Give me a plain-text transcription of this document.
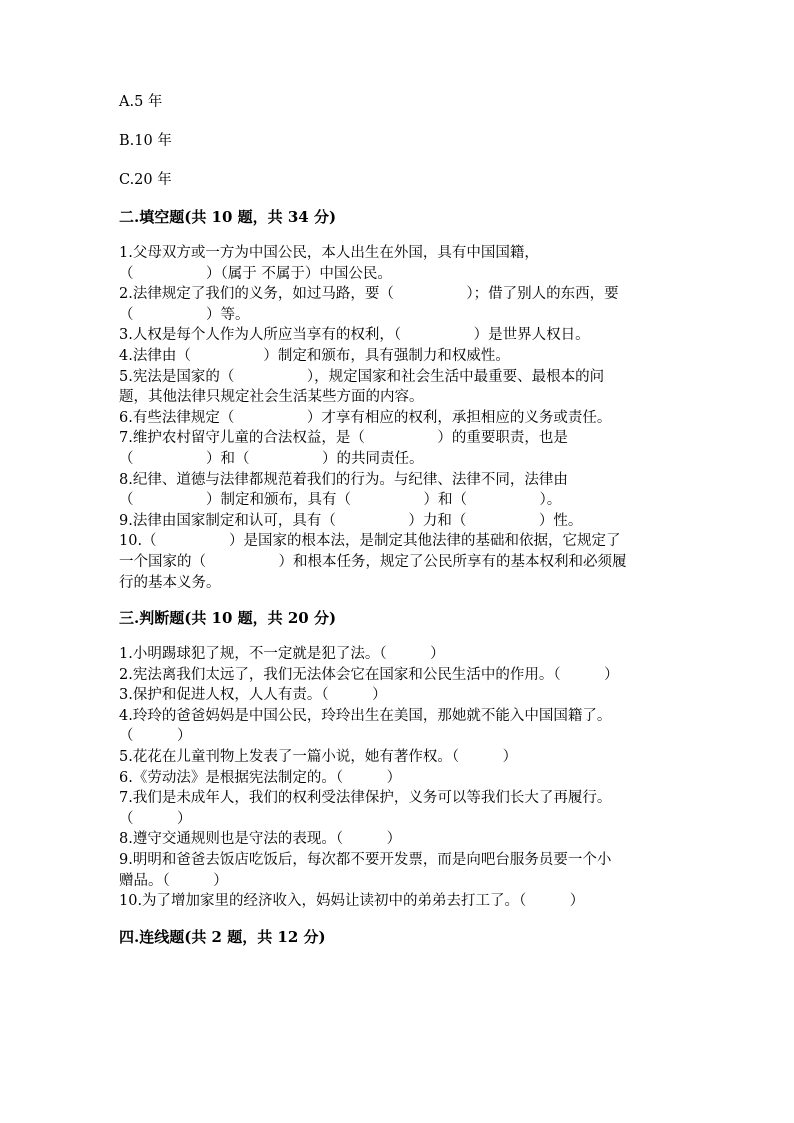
A.5 年

B.10 年

C.20 年

二.填空题(共 10 题，共 34 分)

1.父母双方或一方为中国公民，本人出生在外国，具有中国国籍，

（　　　　　）（属于 不属于）中国公民。

2.法律规定了我们的义务，如过马路，要（　　　　　）；借了别人的东西，要

（　　　　　）等。

3.人权是每个人作为人所应当享有的权利，（　　　　　）是世界人权日。

4.法律由（　　　　　）制定和颁布，具有强制力和权威性。

5.宪法是国家的（　　　　　），规定国家和社会生活中最重要、最根本的问

题，其他法律只规定社会生活某些方面的内容。

6.有些法律规定（　　　　　）才享有相应的权利，承担相应的义务或责任。

7.维护农村留守儿童的合法权益，是（　　　　　）的重要职责，也是

（　　　　　）和（　　　　　）的共同责任。

8.纪律、道德与法律都规范着我们的行为。与纪律、法律不同，法律由

（　　　　　）制定和颁布，具有（　　　　　）和（　　　　　）。

9.法律由国家制定和认可，具有（　　　　　）力和（　　　　　）性。

10.（　　　　　）是国家的根本法，是制定其他法律的基础和依据，它规定了

一个国家的（　　　　　）和根本任务，规定了公民所享有的基本权利和必须履

行的基本义务。

三.判断题(共 10 题，共 20 分)

1.小明踢球犯了规，不一定就是犯了法。（　　　）

2.宪法离我们太远了，我们无法体会它在国家和公民生活中的作用。（　　　）

3.保护和促进人权，人人有责。（　　　）

4.玲玲的爸爸妈妈是中国公民，玲玲出生在美国，那她就不能入中国国籍了。

（　　　）

5.花花在儿童刊物上发表了一篇小说，她有著作权。（　　　）

6.《劳动法》是根据宪法制定的。（　　　）

7.我们是未成年人，我们的权利受法律保护，义务可以等我们长大了再履行。

（　　　）

8.遵守交通规则也是守法的表现。（　　　）

9.明明和爸爸去饭店吃饭后，每次都不要开发票，而是向吧台服务员要一个小

赠品。（　　　）

10.为了增加家里的经济收入，妈妈让读初中的弟弟去打工了。（　　　）

四.连线题(共 2 题，共 12 分)
